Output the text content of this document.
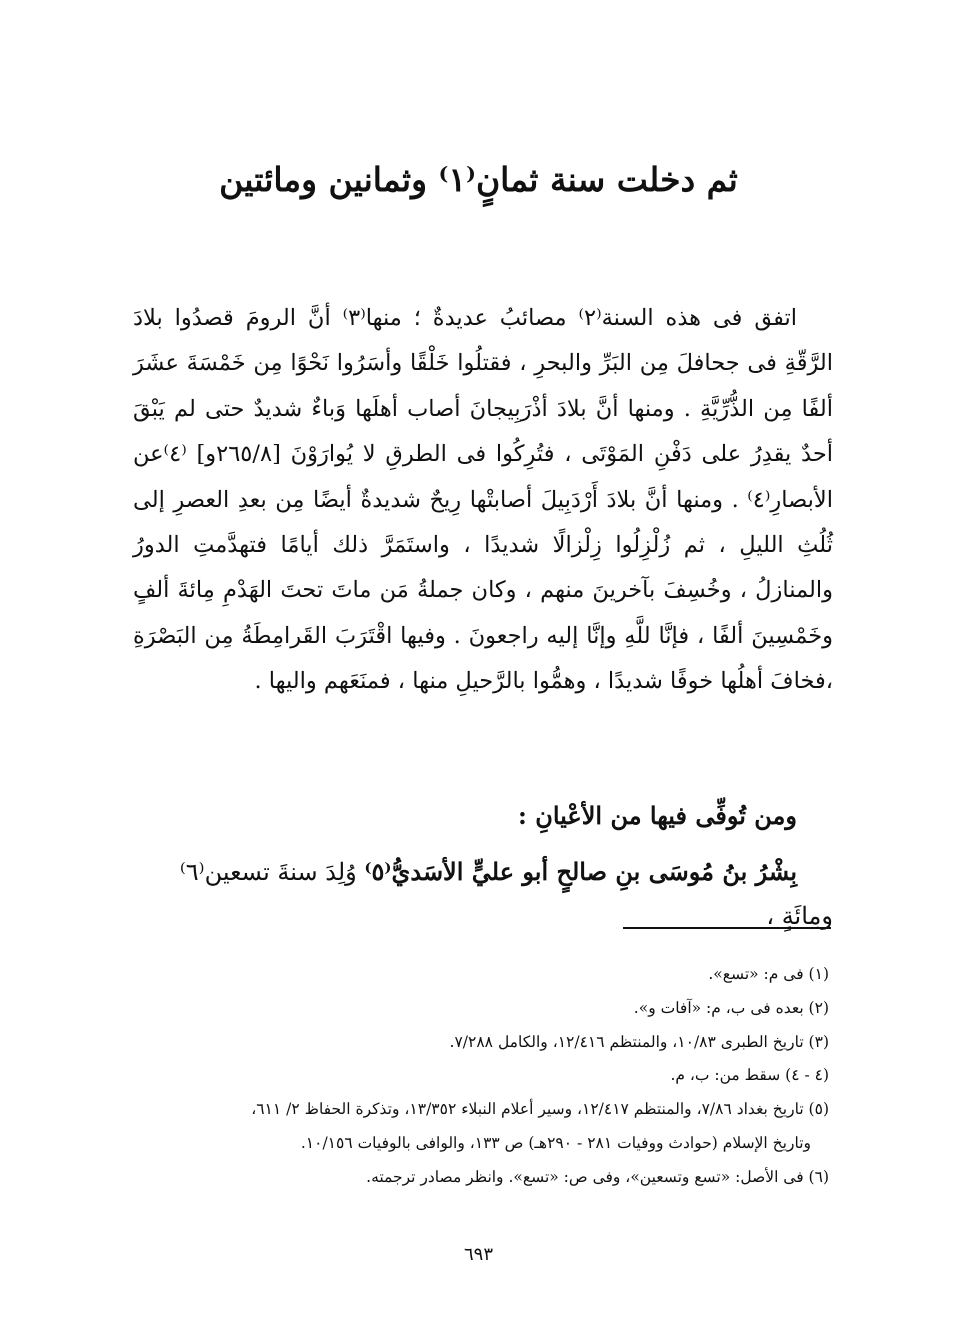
ثم دخلت سنة ثمانٍ⁽١⁾ وثمانين ومائتين

اتفق فى هذه السنة⁽٢⁾ مصائبُ عديدةٌ ؛ منها⁽٣⁾ أنَّ الرومَ قصدُوا بلادَ الرَّقّةِ فى جحافلَ مِن البَرِّ والبحرِ ، فقتلُوا خَلْقًا وأسَرُوا نَحْوًا مِن خَمْسَةَ عشَرَ ألفًا مِن الذُّرِّيَّةِ . ومنها أنَّ بلادَ أذْرَبِيجانَ أصاب أهلَها وَباءٌ شديدٌ حتى لم يَبْقَ أحدٌ يقدِرُ على دَفْنِ المَوْتَى ، فتُرِكُوا فى الطرقِ لا يُوارَوْنَ [٢٦٥/٨و] ⁽٤⁾عن الأبصارِ⁽٤⁾ . ومنها أنَّ بلادَ أَرْدَبِيلَ أصابتْها رِيحٌ شديدةٌ أيضًا مِن بعدِ العصرِ إلى ثُلُثِ الليلِ ، ثم زُلْزِلُوا زِلْزالًا شديدًا ، واستَمَرَّ ذلك أيامًا فتهدَّمتِ الدورُ والمنازلُ ، وخُسِفَ بآخرينَ منهم ، وكان جملةُ مَن ماتَ تحتَ الهَدْمِ مِائةَ ألفٍ وخَمْسِينَ ألفًا ، فإنَّا للَّهِ وإنَّا إليه راجعونَ . وفيها اقْتَرَبَ القَرامِطَةُ مِن البَصْرَةِ ،فخافَ أهلُها خوفًا شديدًا ، وهمُّوا بالرَّحيلِ منها ، فمنَعَهم واليها .

ومن تُوفِّى فيها من الأعْيانِ :

بِشْرُ بنُ مُوسَى بنِ صالحٍ أبو عليٍّ الأسَديُّ⁽٥⁾ وُلِدَ سنةَ تسعين⁽٦⁾ ومِائَةٍ ،

(١) فى م: «تسع».
(٢) بعده فى ب، م: «آفات و».
(٣) تاريخ الطبرى ١٠/٨٣، والمنتظم ١٢/٤١٦، والكامل ٧/٢٨٨.
(٤ - ٤) سقط من: ب، م.
(٥) تاريخ بغداد ٧/٨٦، والمنتظم ١٢/٤١٧، وسير أعلام النبلاء ١٣/٣٥٢، وتذكرة الحفاظ ٢/ ٦١١،
وتاريخ الإسلام (حوادث ووفيات ٢٨١ - ٢٩٠هـ) ص ١٣٣، والوافى بالوفيات ١٠/١٥٦.
(٦) فى الأصل: «تسع وتسعين»، وفى ص: «تسع». وانظر مصادر ترجمته.
٦٩٣
